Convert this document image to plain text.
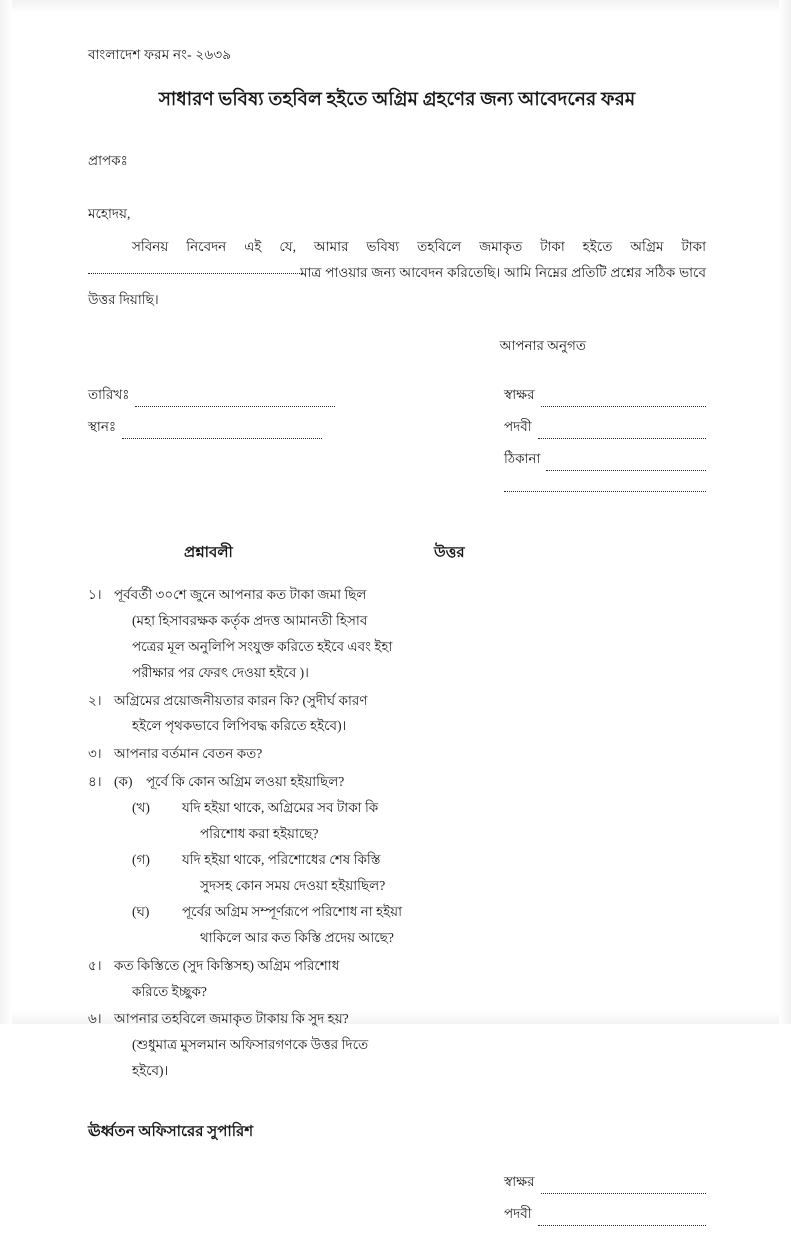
বাংলাদেশ ফরম নং- ২৬৩৯
সাধারণ ভবিষ্য তহবিল হইতে অগ্রিম গ্রহণের জন্য আবেদনের ফরম
প্রাপকঃ
মহোদয়,

সবিনয় নিবেদন এই যে, আমার ভবিষ্য তহবিলে জমাকৃত টাকা হইতে অগ্রিম টাকামাত্র পাওয়ার জন্য আবেদন করিতেছি। আমি নিম্নের প্রতিটি প্রশ্নের সঠিক ভাবে উত্তর দিয়াছি।

আপনার অনুগত
তারিখঃ
স্থানঃ
স্বাক্ষর
পদবী
ঠিকানা
প্রশ্নাবলী	উত্তর
১। পূর্ববর্তী ৩০শে জুনে আপনার কত টাকা জমা ছিল
(মহা হিসাবরক্ষক কর্তৃক প্রদত্ত আমানতী হিসাব
পত্রের মূল অনুলিপি সংযুক্ত করিতে হইবে এবং ইহা
পরীক্ষার পর ফেরৎ দেওয়া হইবে )।
২। অগ্রিমের প্রয়োজনীয়তার কারন কি? (সুদীর্ঘ কারণ
হইলে পৃথকভাবে লিপিবদ্ধ করিতে হইবে)।
৩। আপনার বর্তমান বেতন কত?
৪। (ক)	পূর্বে কি কোন অগ্রিম লওয়া হইয়াছিল?
(খ)	যদি হইয়া থাকে, অগ্রিমের সব টাকা কি
পরিশোধ করা হইয়াছে?
(গ)	যদি হইয়া থাকে, পরিশোধের শেষ কিস্তি
সুদসহ কোন সময় দেওয়া হইয়াছিল?
(ঘ)	পূর্বের অগ্রিম সম্পূর্ণরূপে পরিশোধ না হইয়া
থাকিলে আর কত কিস্তি প্রদেয় আছে?
৫। কত কিস্তিতে (সুদ কিস্তিসহ) অগ্রিম পরিশোধ
করিতে ইচ্ছুক?
৬। আপনার তহবিলে জমাকৃত টাকায় কি সুদ হয়?
(শুধুমাত্র মুসলমান অফিসারগণকে উত্তর দিতে
হইবে)।
ঊর্ধ্বতন অফিসারের সুপারিশ
স্বাক্ষর
পদবী
